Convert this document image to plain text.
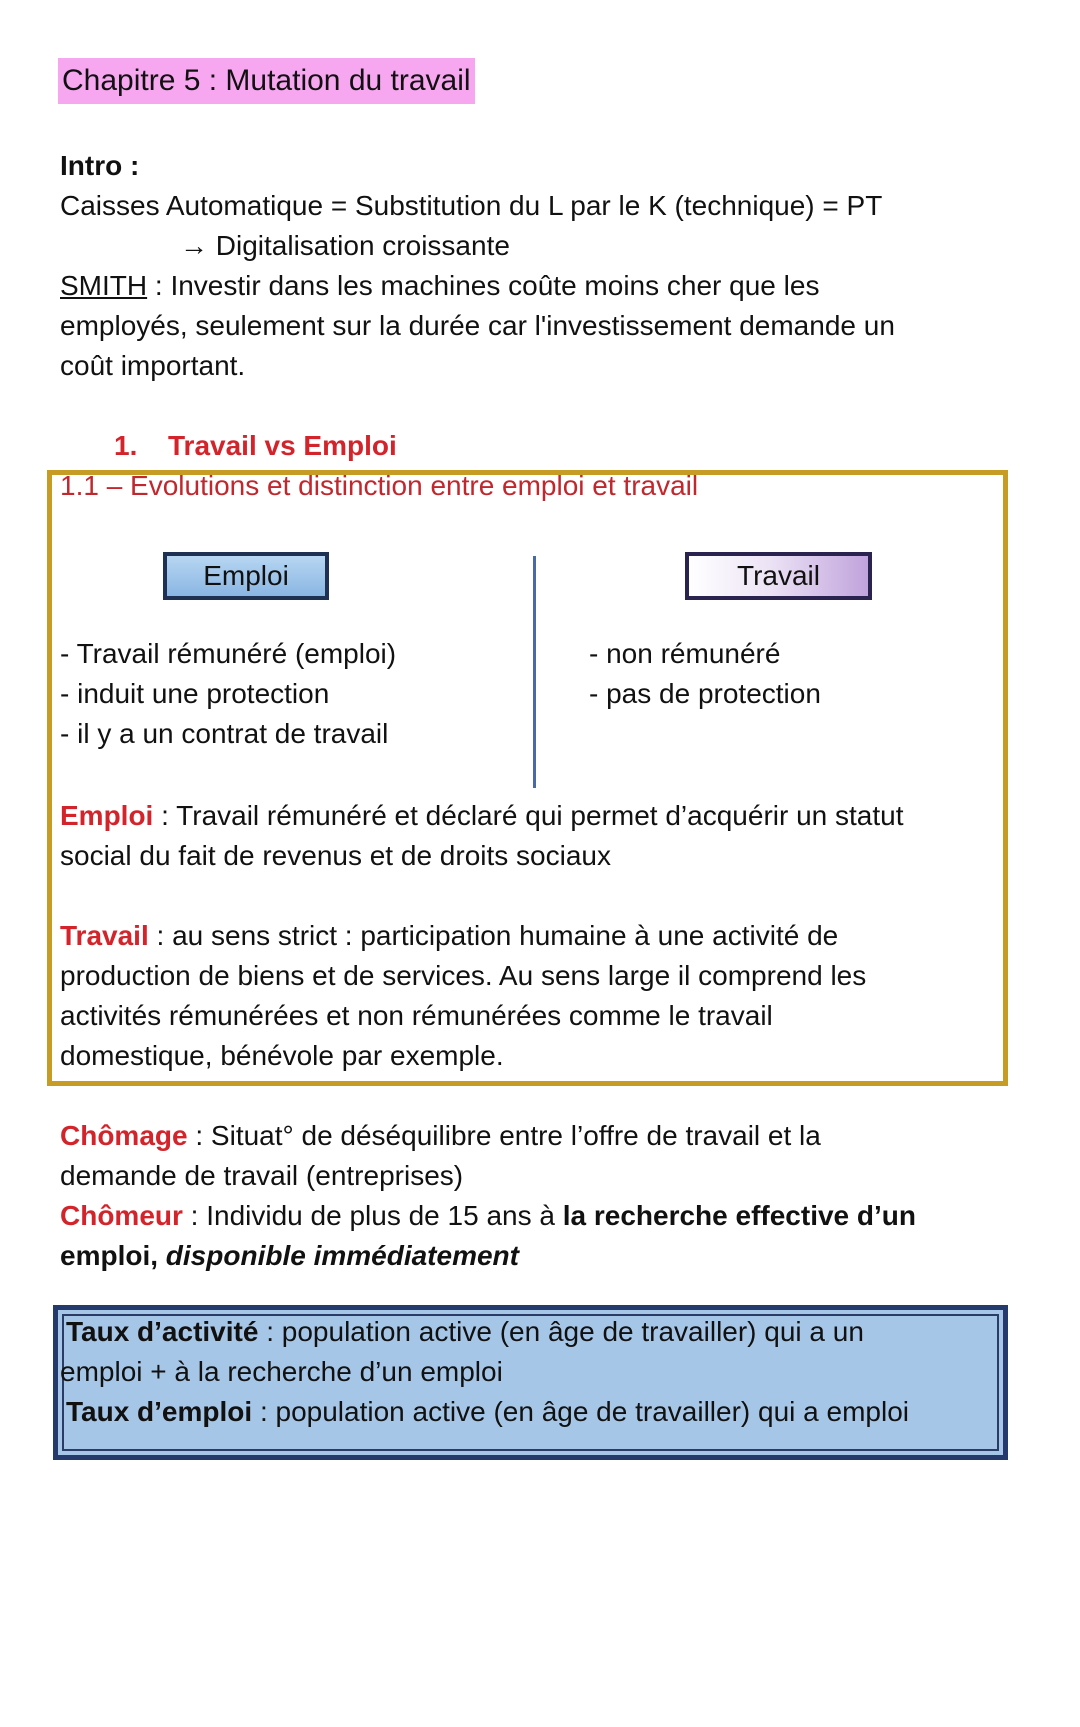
Chapitre 5 : Mutation du travail
Intro :
Caisses Automatique = Substitution du L par le K (technique) = PT
→ Digitalisation croissante
SMITH : Investir dans les machines coûte moins cher que les
employés, seulement sur la durée car l'investissement demande un
coût important.
1. Travail vs Emploi
1.1 – Evolutions et distinction entre emploi et travail
Emploi	Travail
- Travail rémunéré (emploi)
- induit une protection
- il y a un contrat de travail
- non rémunéré
- pas de protection
Emploi : Travail rémunéré et déclaré qui permet d’acquérir un statut
social du fait de revenus et de droits sociaux
Travail : au sens strict : participation humaine à une activité de
production de biens et de services. Au sens large il comprend les
activités rémunérées et non rémunérées comme le travail
domestique, bénévole par exemple.
Chômage : Situat° de déséquilibre entre l’offre de travail et la
demande de travail (entreprises)
Chômeur : Individu de plus de 15 ans à la recherche effective d’un
emploi, disponible immédiatement
Taux d’activité : population active (en âge de travailler) qui a un
emploi + à la recherche d’un emploi
Taux d’emploi : population active (en âge de travailler) qui a emploi
